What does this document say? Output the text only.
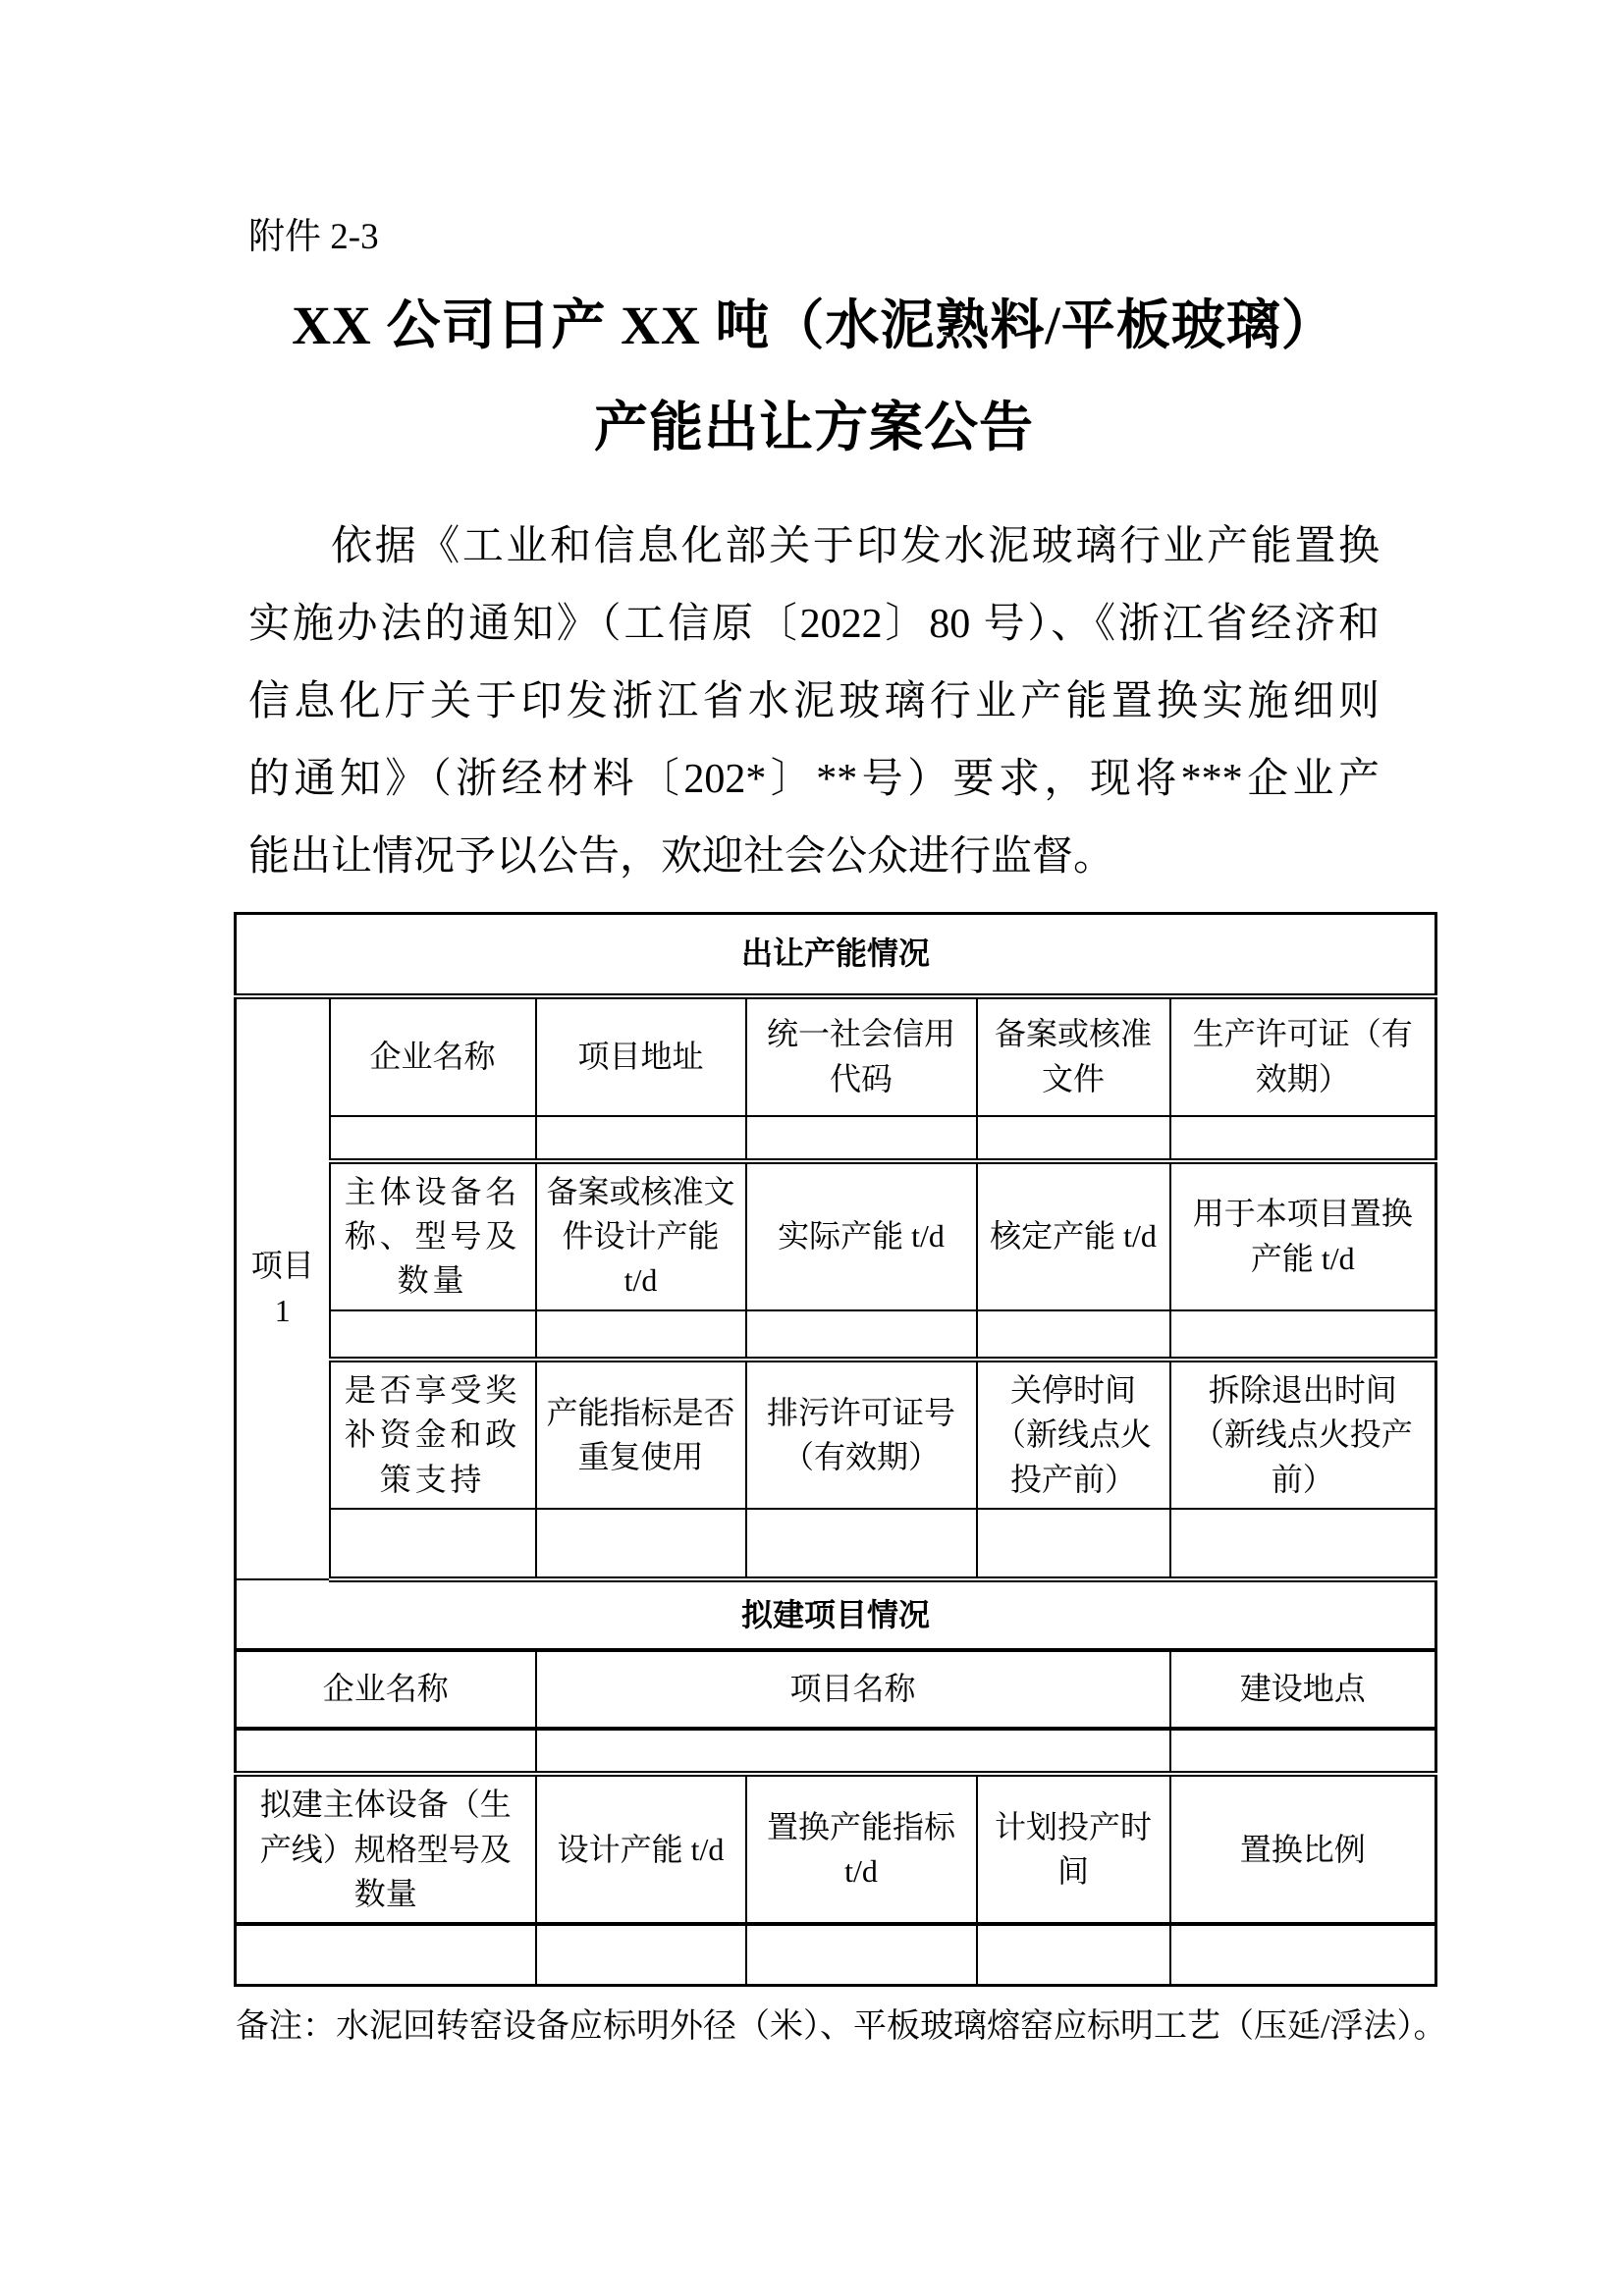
附件 2-3
XX 公司日产 XX 吨（水泥熟料/平板玻璃）
产能出让方案公告
依据《工业和信息化部关于印发水泥玻璃行业产能置换
实施办法的通知》（工信原〔2022〕80 号）、《浙江省经济和
信息化厅关于印发浙江省水泥玻璃行业产能置换实施细则
的通知》（浙经材料〔202*〕**号）要求，现将***企业产
能出让情况予以公告，欢迎社会公众进行监督。
出让产能情况					
项目1	企业名称	项目地址	统一社会信用代码	备案或核准文件	生产许可证（有效期）

	主体设备名称、型号及数量	备案或核准文件设计产能 t/d	实际产能 t/d	核定产能 t/d	用于本项目置换产能 t/d

	是否享受奖补资金和政策支持	产能指标是否重复使用	排污许可证号（有效期）	关停时间（新线点火投产前）	拆除退出时间（新线点火投产前）

拟建项目情况					
企业名称		项目名称			建设地点

拟建主体设备（生产线）规格型号及数量		设计产能 t/d	置换产能指标 t/d	计划投产时间	置换比例

备注：水泥回转窑设备应标明外径（米）、平板玻璃熔窑应标明工艺（压延/浮法）。
